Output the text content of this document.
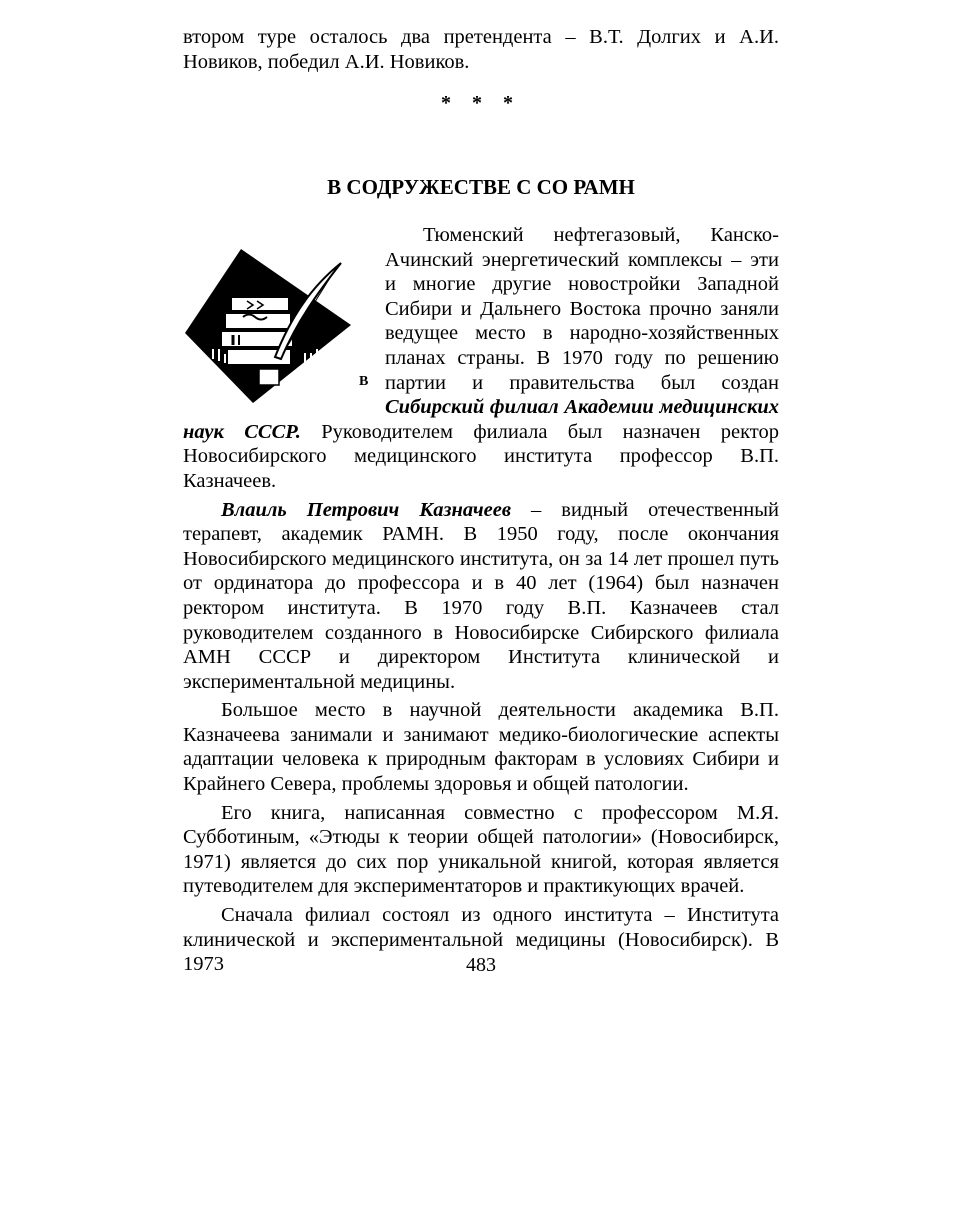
втором туре осталось два претендента – В.Т. Долгих и А.И. Новиков, победил А.И. Новиков.

* * *
В СОДРУЖЕСТВЕ С СО РАМН
B

Тюменский нефтегазовый, Канско-Ачинский энергетический комплексы – эти и многие другие новостройки Западной Сибири и Дальнего Востока прочно заняли ведущее место в народно-хозяйственных планах страны. В 1970 году по решению партии и правительства был создан Сибирский филиал Академии медицинских наук СССР. Руководителем филиала был назначен ректор Новосибирского медицинского института профессор В.П. Казначеев.

Влаиль Петрович Казначеев – видный отечественный терапевт, академик РАМН. В 1950 году, после окончания Новосибирского медицинского института, он за 14 лет прошел путь от ординатора до профессора и в 40 лет (1964) был назначен ректором института. В 1970 году В.П. Казначеев стал руководителем созданного в Новосибирске Сибирского филиала АМН СССР и директором Института клинической и экспериментальной медицины.

Большое место в научной деятельности академика В.П. Казначеева занимали и занимают медико-биологические аспекты адаптации человека к природным факторам в условиях Сибири и Крайнего Севера, проблемы здоровья и общей патологии.

Его книга, написанная совместно с профессором М.Я. Субботиным, «Этюды к теории общей патологии» (Новосибирск, 1971) является до сих пор уникальной книгой, которая является путеводителем для экспериментаторов и практикующих врачей.

Сначала филиал состоял из одного института – Института клинической и экспериментальной медицины (Новосибирск). В 1973	483
